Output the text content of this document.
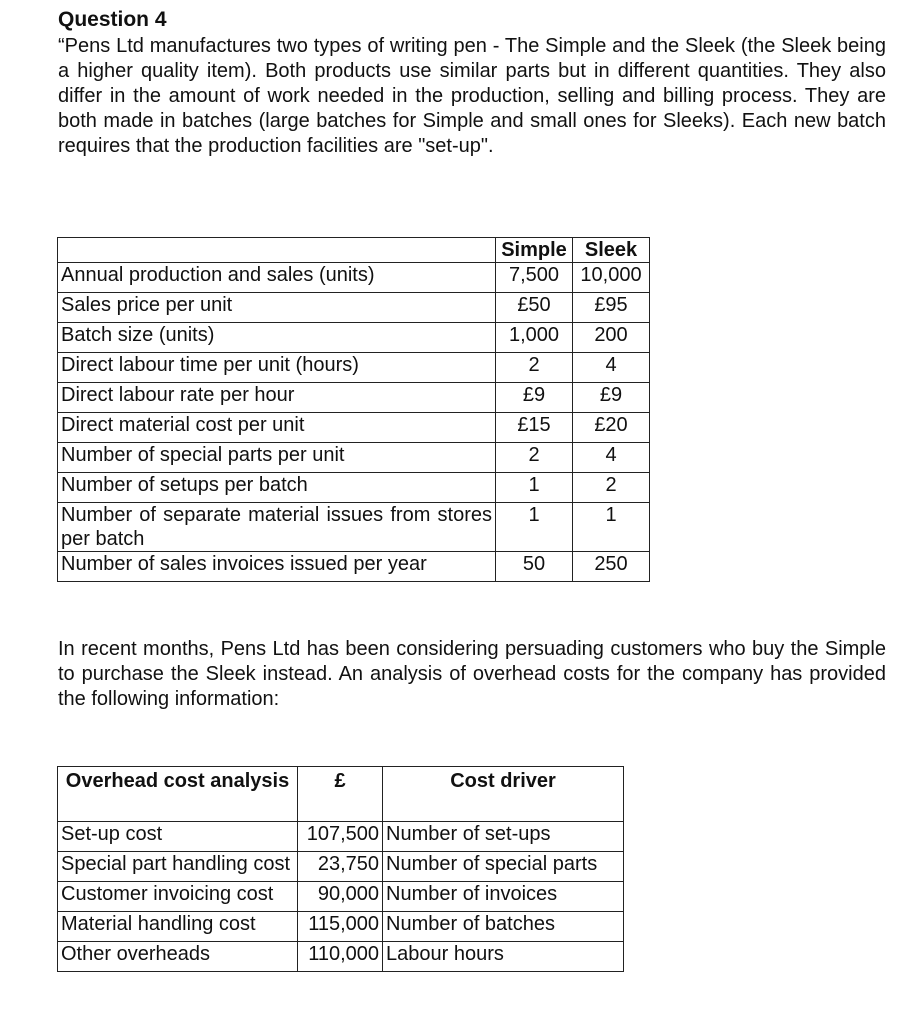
Question 4
“Pens Ltd manufactures two types of writing pen - The Simple and the Sleek (the Sleek being a higher quality item). Both products use similar parts but in different quantities. They also differ in the amount of work needed in the production, selling and billing process. They are both made in batches (large batches for Simple and small ones for Sleeks). Each new batch requires that the production facilities are "set-up".
	Simple	Sleek
Annual production and sales (units)	7,500	10,000
Sales price per unit	£50	£95
Batch size (units)	1,000	200
Direct labour time per unit (hours)	2	4
Direct labour rate per hour	£9	£9
Direct material cost per unit	£15	£20
Number of special parts per unit	2	4
Number of setups per batch	1	2
Number of separate material issues from stores per batch	1	1
Number of sales invoices issued per year	50	250
In recent months, Pens Ltd has been considering persuading customers who buy the Simple to purchase the Sleek instead. An analysis of overhead costs for the company has provided the following information:
Overhead cost analysis	£	Cost driver
Set-up cost	107,500	Number of set-ups
Special part handling cost	23,750	Number of special parts
Customer invoicing cost	90,000	Number of invoices
Material handling cost	115,000	Number of batches
Other overheads	110,000	Labour hours
